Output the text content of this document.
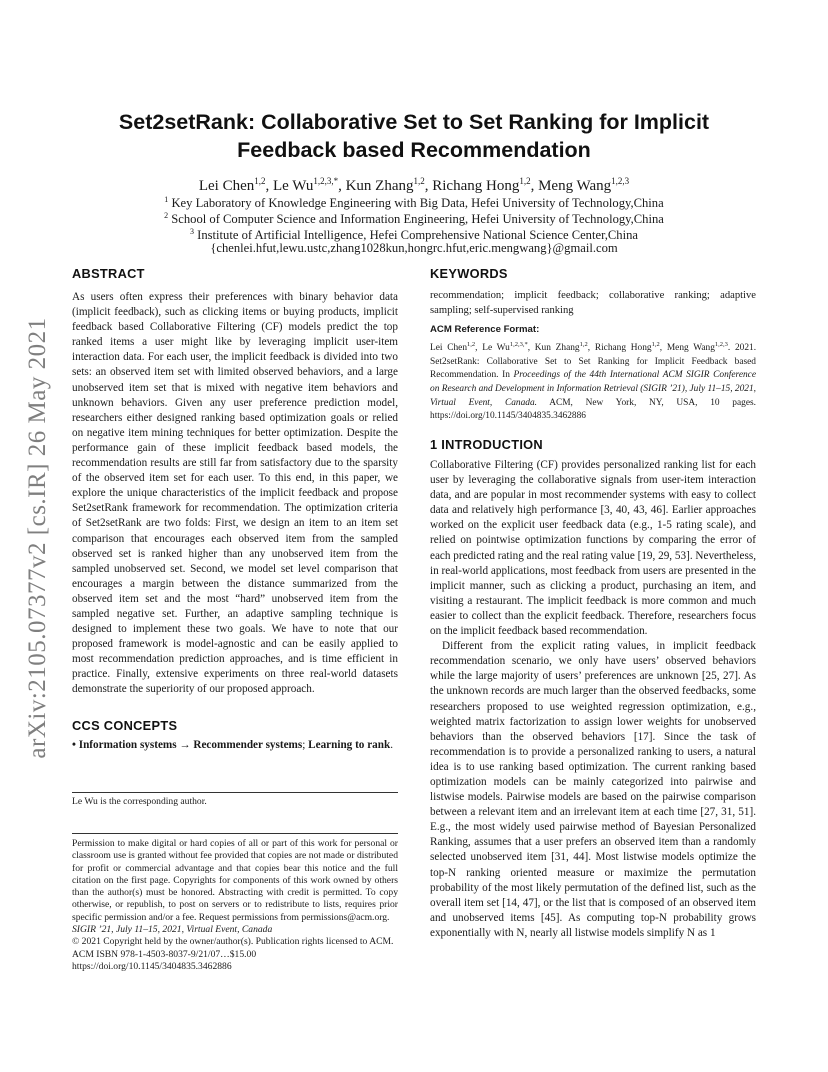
arXiv:2105.07377v2 [cs.IR] 26 May 2021
Set2setRank: Collaborative Set to Set Ranking for Implicit
Feedback based Recommendation
Lei Chen$^{1,2}$, Le $Wu^{1,2,3,*}$, Kun Zhang$^{1,2}$, Richang Hong$^{1,2}$, Meng Wang$^{1,2,3}$
$^1$ Key Laboratory of Knowledge Engineering with Big Data, Hefei University of Technology,China
$^2$ School of Computer Science and Information Engineering, Hefei University of Technology,China
$^3$ Institute of Artificial Intelligence, Hefei Comprehensive National Science Center,China
{chenlei.hfut,lewu.ustc,zhang1028kun,hongrc.hfut,eric.mengwang}@gmail.com
ABSTRACT

As users often express their preferences with binary behavior data (implicit feedback), such as clicking items or buying products, implicit feedback based Collaborative Filtering (CF) models predict the top ranked items a user might like by leveraging implicit user-item interaction data. For each user, the implicit feedback is divided into two sets: an observed item set with limited observed behaviors, and a large unobserved item set that is mixed with negative item behaviors and unknown behaviors. Given any user preference prediction model, researchers either designed ranking based optimization goals or relied on negative item mining techniques for better optimization. Despite the performance gain of these implicit feedback based models, the recommendation results are still far from satisfactory due to the sparsity of the observed item set for each user. To this end, in this paper, we explore the unique characteristics of the implicit feedback and propose Set2setRank framework for recommendation. The optimization criteria of Set2setRank are two folds: First, we design an item to an item set comparison that encourages each observed item from the sampled observed set is ranked higher than any unobserved item from the sampled unobserved set. Second, we model set level comparison that encourages a margin between the distance summarized from the observed item set and the most “hard” unobserved item from the sampled negative set. Further, an adaptive sampling technique is designed to implement these two goals. We have to note that our proposed framework is model-agnostic and can be easily applied to most recommendation prediction approaches, and is time efficient in practice. Finally, extensive experiments on three real-world datasets demonstrate the superiority of our proposed approach.

CCS CONCEPTS

• Information systems → Recommender systems; Learning to rank.

Le Wu is the corresponding author.

Permission to make digital or hard copies of all or part of this work for personal or classroom use is granted without fee provided that copies are not made or distributed for profit or commercial advantage and that copies bear this notice and the full citation on the first page. Copyrights for components of this work owned by others than the author(s) must be honored. Abstracting with credit is permitted. To copy otherwise, or republish, to post on servers or to redistribute to lists, requires prior specific permission and/or a fee. Request permissions from permissions@acm.org.

SIGIR ’21, July 11–15, 2021, Virtual Event, Canada

© 2021 Copyright held by the owner/author(s). Publication rights licensed to ACM.

ACM ISBN 978-1-4503-8037-9/21/07…$15.00

https://doi.org/10.1145/3404835.3462886

KEYWORDS

recommendation; implicit feedback; collaborative ranking; adaptive sampling; self-supervised ranking

ACM Reference Format:

Lei Chen$^{1,2}$, Le $Wu^{1,2,3,*}$, Kun Zhang$^{1,2}$, Richang Hong$^{1,2}$, Meng Wang$^{1,2,3}$. 2021. Set2setRank: Collaborative Set to Set Ranking for Implicit Feedback based Recommendation. In Proceedings of the 44th International ACM SIGIR Conference on Research and Development in Information Retrieval (SIGIR ’21), July 11–15, 2021, Virtual Event, Canada. ACM, New York, NY, USA, 10 pages. https://doi.org/10.1145/3404835.3462886

1 INTRODUCTION

Collaborative Filtering (CF) provides personalized ranking list for each user by leveraging the collaborative signals from user-item interaction data, and are popular in most recommender systems with easy to collect data and relatively high performance [3, 40, 43, 46]. Earlier approaches worked on the explicit user feedback data (e.g., 1-5 rating scale), and relied on pointwise optimization functions by comparing the error of each predicted rating and the real rating value [19, 29, 53]. Nevertheless, in real-world applications, most feedback from users are presented in the implicit manner, such as clicking a product, purchasing an item, and visiting a restaurant. The implicit feedback is more common and much easier to collect than the explicit feedback. Therefore, researchers focus on the implicit feedback based recommendation.

Different from the explicit rating values, in implicit feedback recommendation scenario, we only have users’ observed behaviors while the large majority of users’ preferences are unknown [25, 27]. As the unknown records are much larger than the observed feedbacks, some researchers proposed to use weighted regression optimization, e.g., weighted matrix factorization to assign lower weights for unobserved behaviors than the observed behaviors [17]. Since the task of recommendation is to provide a personalized ranking to users, a natural idea is to use ranking based optimization. The current ranking based optimization models can be mainly categorized into pairwise and listwise models. Pairwise models are based on the pairwise comparison between a relevant item and an irrelevant item at each time [27, 31, 51]. E.g., the most widely used pairwise method of Bayesian Personalized Ranking, assumes that a user prefers an observed item than a randomly selected unobserved item [31, 44]. Most listwise models optimize the top-N ranking oriented measure or maximize the permutation probability of the most likely permutation of the defined list, such as the overall item set [14, 47], or the list that is composed of an observed item and unobserved items [45]. As computing top-N probability grows exponentially with N, nearly all listwise models simplify N as 1
